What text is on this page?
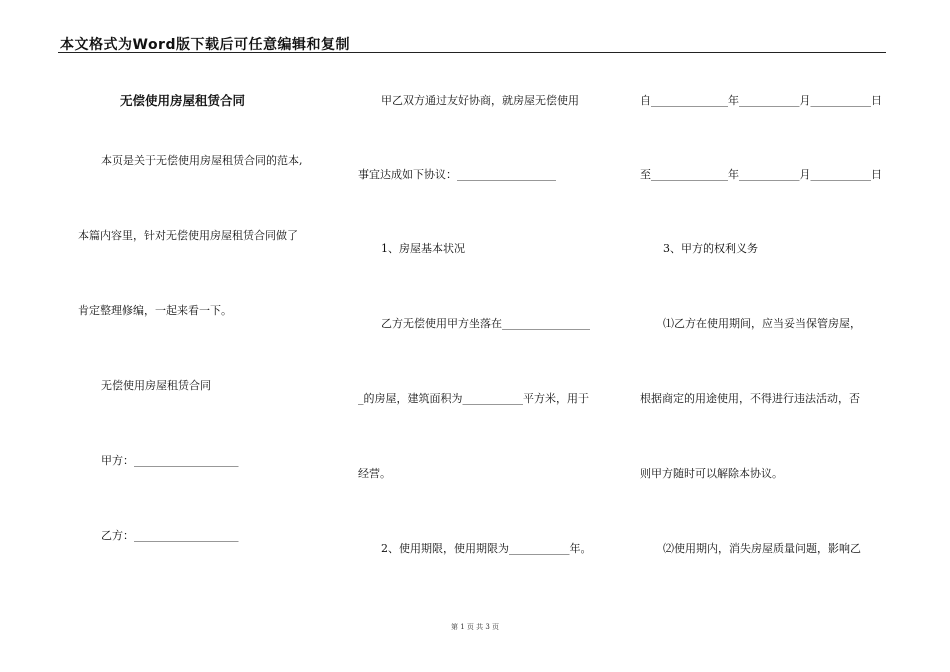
本文格式为Word版下载后可任意编辑和复制
无偿使用房屋租赁合同
本页是关于无偿使用房屋租赁合同的范本,
本篇内容里，针对无偿使用房屋租赁合同做了
肯定整理修编，一起来看一下。
无偿使用房屋租赁合同
甲方：___________________
乙方：___________________
甲乙双方通过友好协商，就房屋无偿使用
事宜达成如下协议：__________________
1、房屋基本状况
乙方无偿使用甲方坐落在________________
_的房屋，建筑面积为___________平方米，用于
经营。
2、使用期限，使用期限为___________年。
自______________年___________月___________日
至______________年___________月___________日
3、甲方的权利义务
⑴乙方在使用期间，应当妥当保管房屋，
根据商定的用途使用，不得进行违法活动，否
则甲方随时可以解除本协议。
⑵使用期内，消失房屋质量问题，影响乙
第 1 页 共 3 页
